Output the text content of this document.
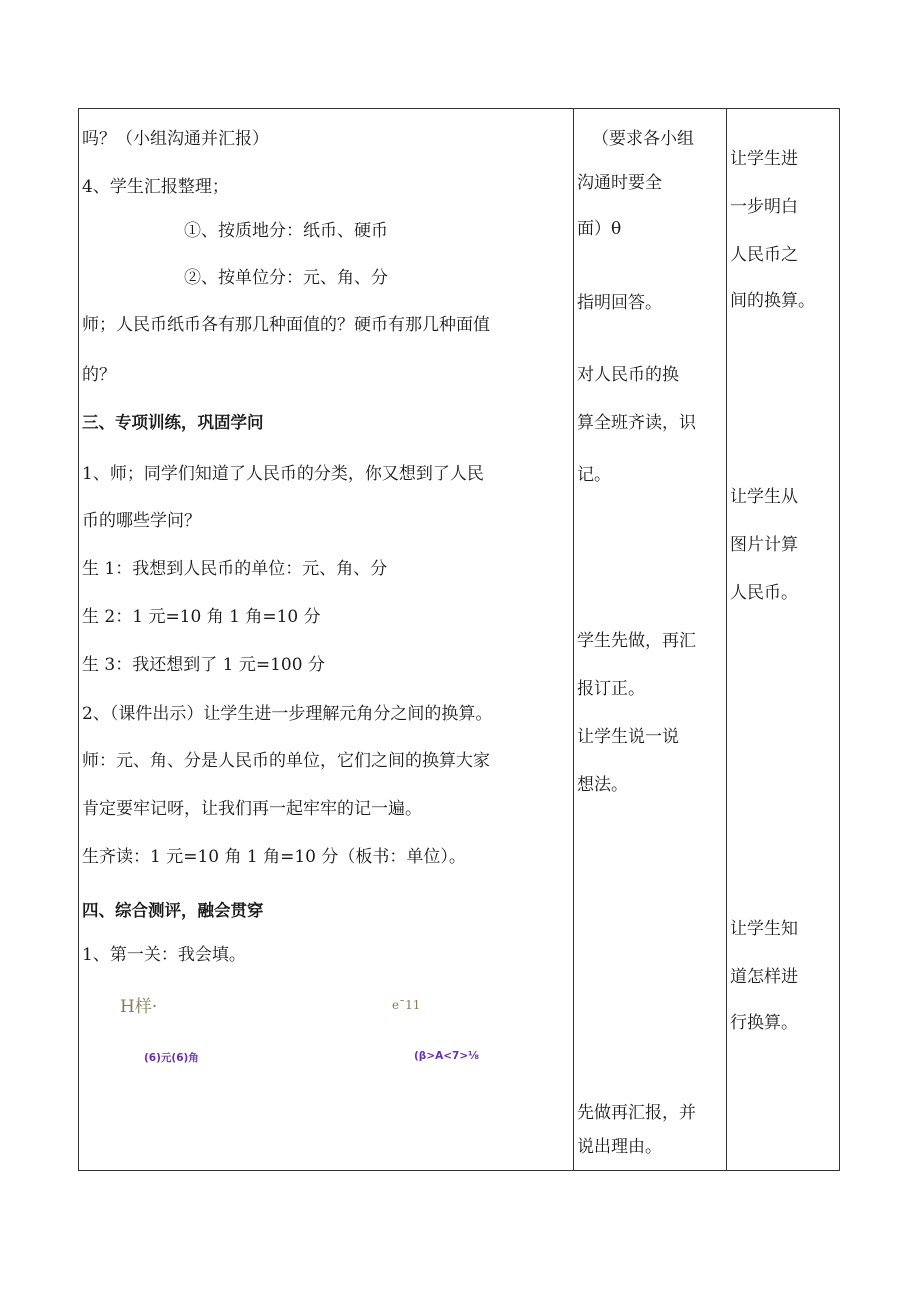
吗？（小组沟通并汇报）
4、学生汇报整理；
①、按质地分：纸币、硬币
②、按单位分：元、角、分
师；人民币纸币各有那几种面值的？硬币有那几种面值
的？
三、专项训练，巩固学问
1、师；同学们知道了人民币的分类，你又想到了人民
币的哪些学问？
生 1：我想到人民币的单位：元、角、分
生 2：1 元=10 角 1 角=10 分
生 3：我还想到了 1 元=100 分
2、（课件出示）让学生进一步理解元角分之间的换算。
师：元、角、分是人民币的单位，它们之间的换算大家
肯定要牢记呀，让我们再一起牢牢的记一遍。
生齐读：1 元=10 角 1 角=10 分（板书：单位）。
四、综合测评，融会贯穿
1、第一关：我会填。
H样·	e¯11
(6)元(6)角	(β>A<7>⅛
（要求各小组
沟通时要全
面）θ
指明回答。
对人民币的换
算全班齐读，识
记。
学生先做，再汇
报订正。
让学生说一说
想法。
先做再汇报，并
说出理由。
让学生进
一步明白
人民币之
间的换算。
让学生从
图片计算
人民币。
让学生知
道怎样进
行换算。
